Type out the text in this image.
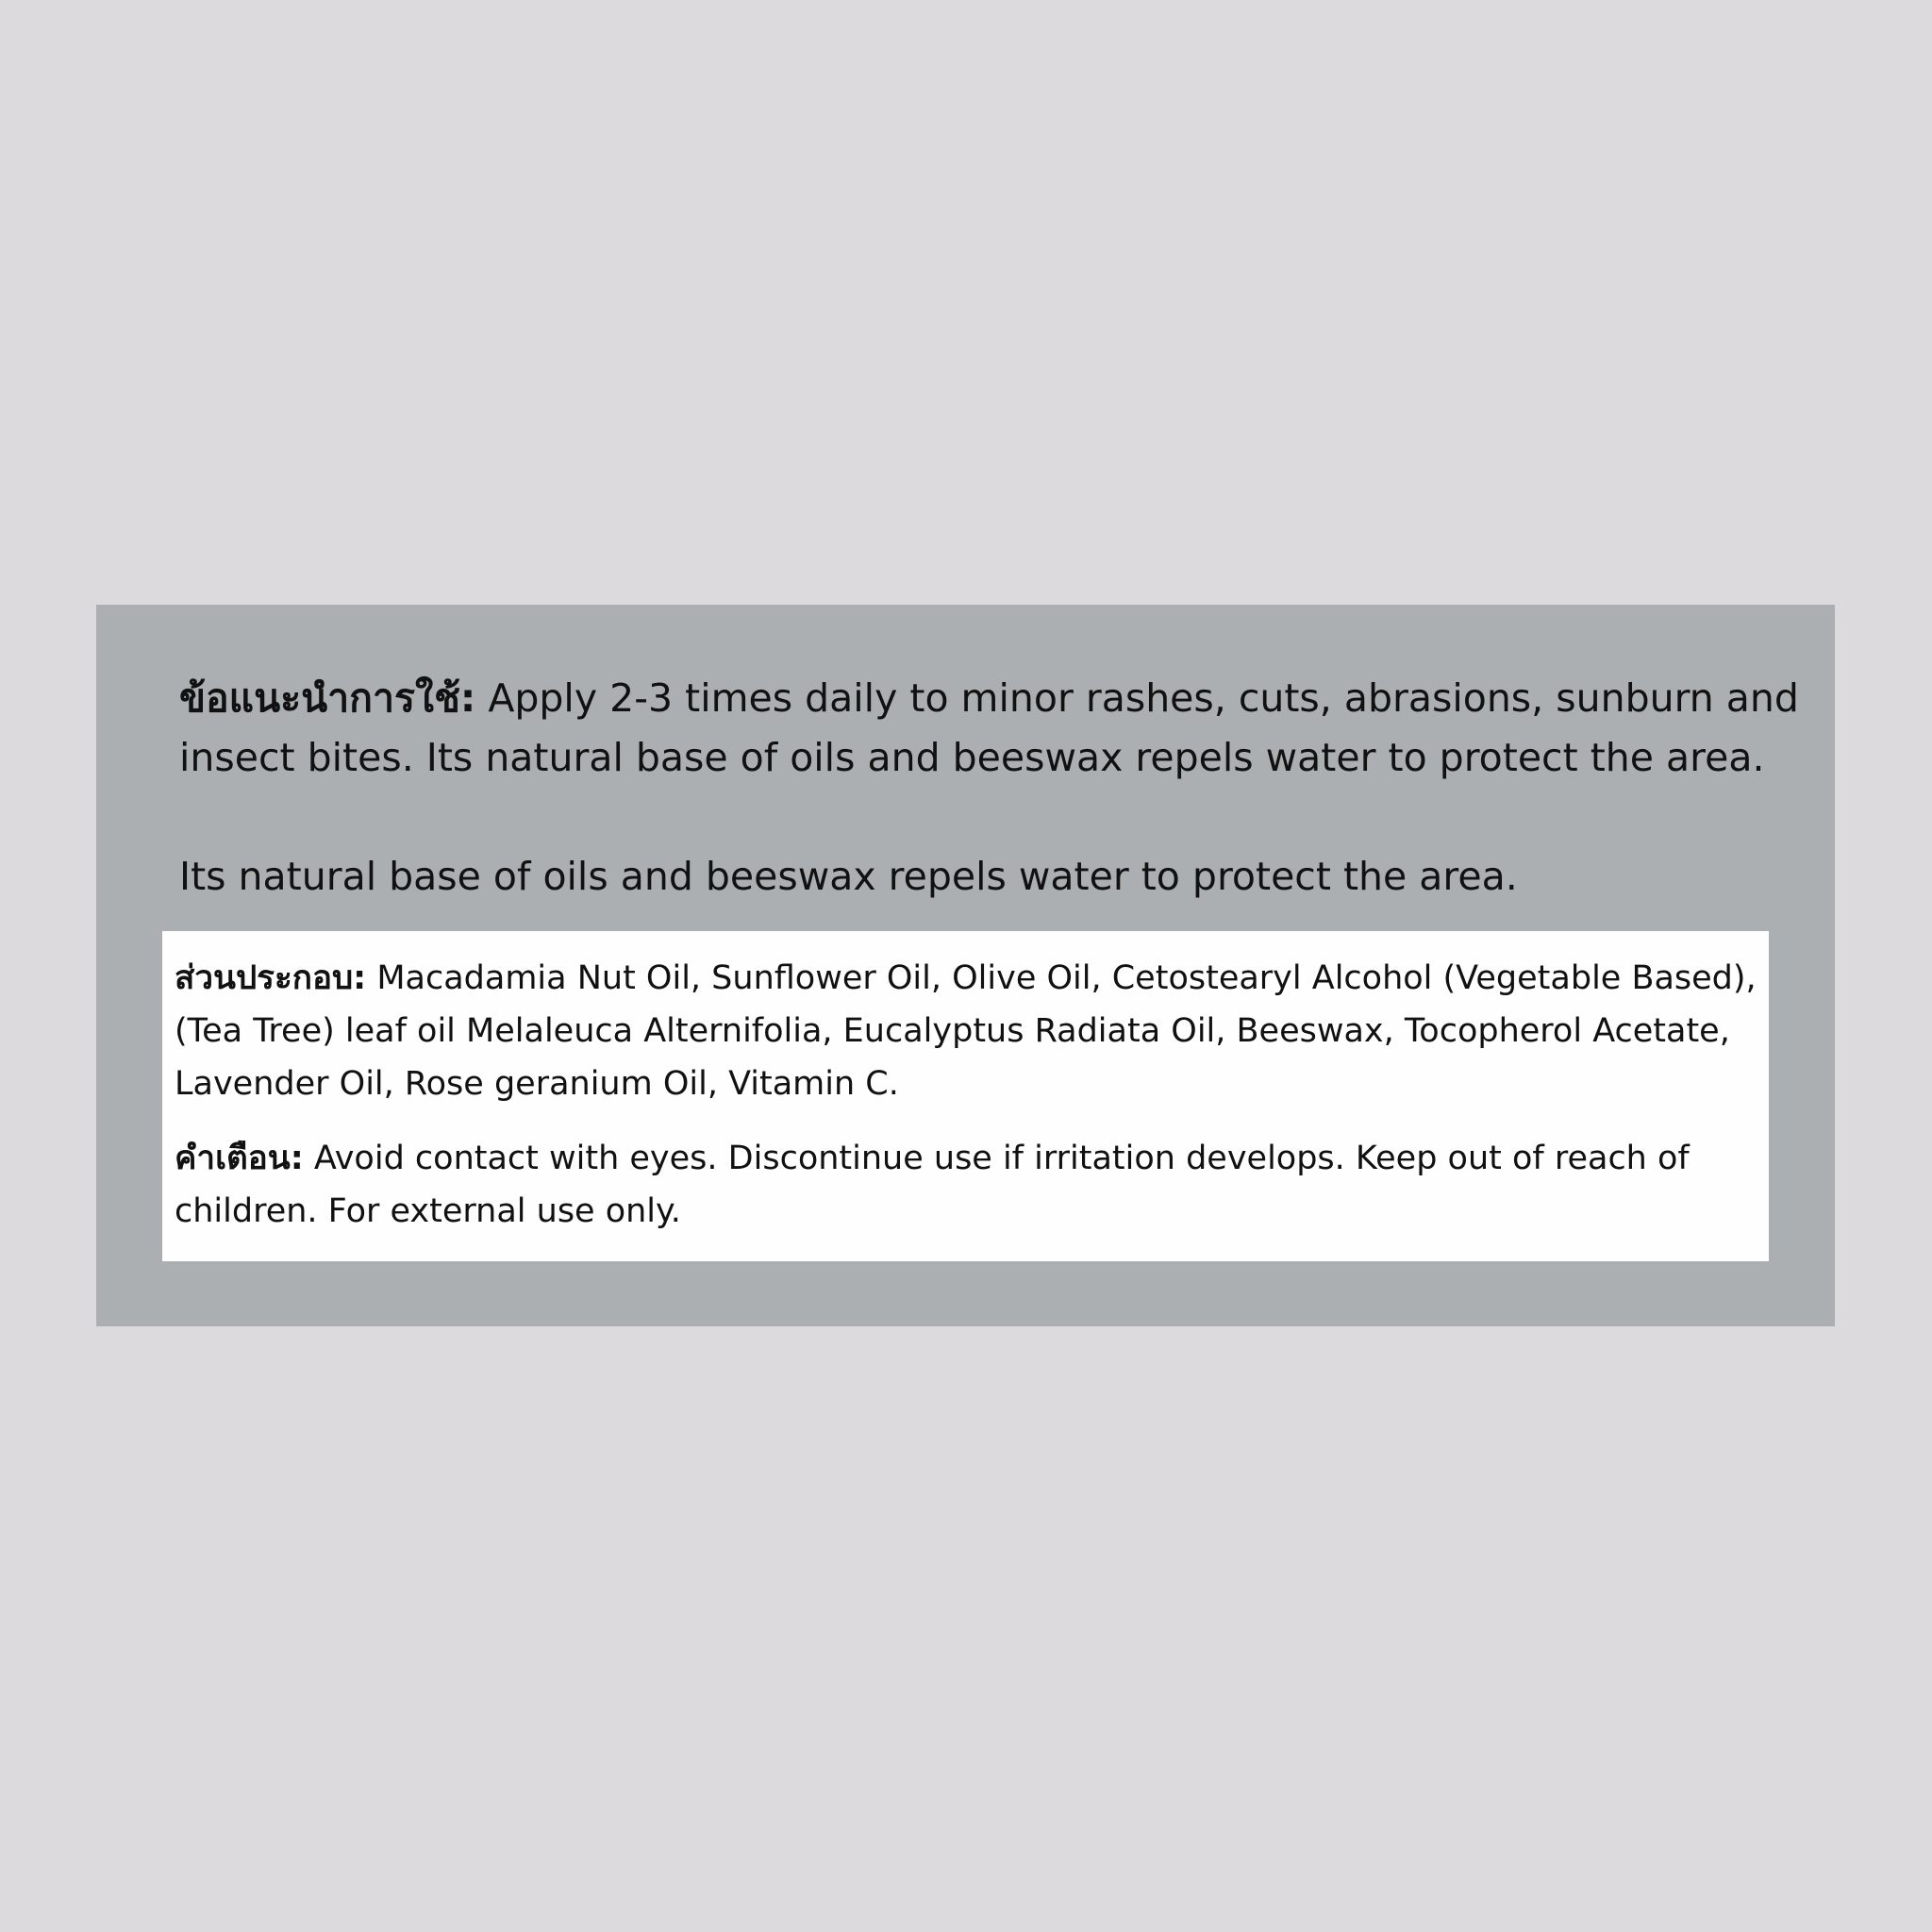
ข้อแนะนำการใช้: Apply 2-3 times daily to minor rashes, cuts, abrasions, sunburn and insect bites. Its natural base of oils and beeswax repels water to protect the area.

Its natural base of oils and beeswax repels water to protect the area.

ส่วนประกอบ: Macadamia Nut Oil, Sunflower Oil, Olive Oil, Cetostearyl Alcohol (Vegetable Based), (Tea Tree) leaf oil Melaleuca Alternifolia, Eucalyptus Radiata Oil, Beeswax, Tocopherol Acetate, Lavender Oil, Rose geranium Oil, Vitamin C.

คำเตือน: Avoid contact with eyes. Discontinue use if irritation develops. Keep out of reach of children. For external use only.
